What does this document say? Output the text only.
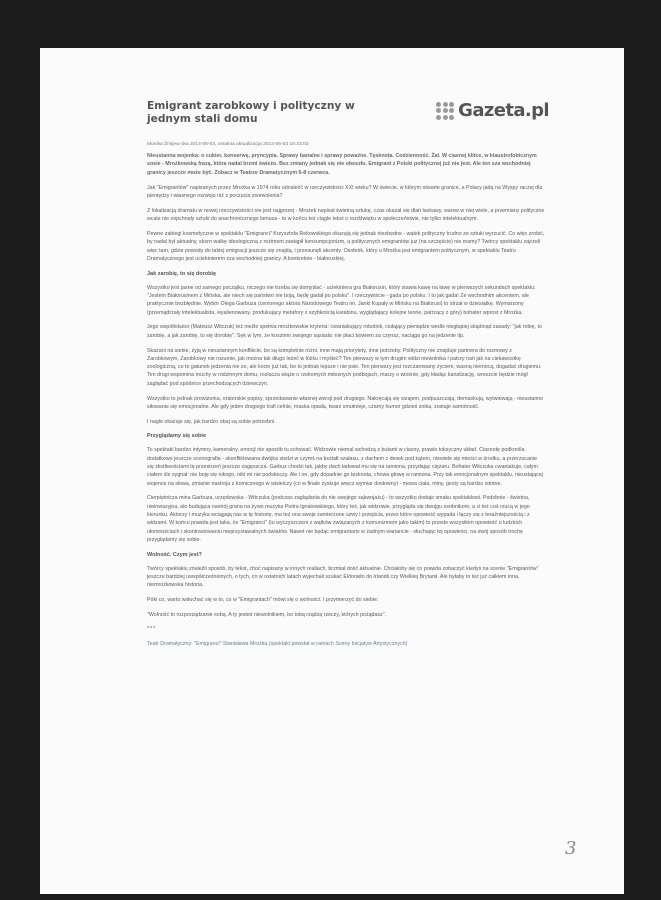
Emigrant zarobkowy i polityczny w jednym stali domu	Gazeta.pl
Monika Żmijew ska 2014-06-03, ostatnia aktualizacja 2014-06-03 16:33:03

Nieustanna wojenka: o cukier, konserwę, pryncypia. Sprawy banalne i sprawy poważne. Tęsknota. Codzienność. Żal. W ciasnej klitce, w klaustrofobicznym sosie - Mrożkowską frazą, która nadal brzmi świeżo. Bez zmiany jednak się nie obeszło. Emigrant z Polski politycznej już nie jest. Ale ten sza wschodniej granicy jeszcze może być. Zobacz w Teatrze Dramatycznym 6-8 czerwca.

Jak "Emigrantów" napisanych przez Mrożka w 1974 roku odnaleźć w rzeczywistości XXI wieku? W świecie, w którym otwarte granice, a Polacy jadą na Wyspy raczej dla pieniędzy i własnego rozwoju niż z poczucia zniewolenia?

Z lokalizacją dramatu w nowej rzeczywistości nie jest najgorzej - Mrożek napisał świetną sztukę, czas okazał się dlań łaskawy, warsw w niej wiele, a przemiany polityczne wcale nie zepchnęły sztuki do anachronicznego lamusa - to w końcu też ciągle tekst o rozdźwięku w społeczeństwie, nie tylko intelektualnym.

Pewne zabiegi kosmetyczne w spektaklu "Emigranci" Krzysztofa Rekowskiego okazują się jednak niezbędne - wątek polityczny trudno ze sztuki wyrzucić. Co więc zrobić, by nadal był aktualny, skoro walkę ideologiczną z reżimem zastąpił konsumpcjonizm, a politycznych emigrantów już (na szczęście) nie mamy? Twórcy spektaklu zajrzeli więc tam, gdzie powody do takiej emigracji jeszcze się znajdą, i przesunęli akcenty. Osobnik, który u Mrożka jest emigrantem politycznym, w spektaklu Teatru Dramatycznego jest uciekinierem zza wschodniej granicy. A konkretnie - białoruskiej.

Jak zarobię, to się dorobię

Wszystko jest jasne od samego początku, niczego nie trzeba się domyślać - uciekiniera gra Białorusin, który stawia kawę na ławę w pierwszych sekundach spektaklu: "Jestem Białorusinem z Mińska, ale niech się państwo nie boją, będę gadał po polsku". I rzeczywiście - gada po polsku. I to jak gada! Ze wschodnim akcentem, ale praktycznie bezbłędnie. Wybór Olega Garbuza (cenionego aktora Narodowego Teatru im. Janki Kupały w Mińsku na Białorusi) to strzał w dziesiątkę. Wymarzony (przemądrzały intelektualista, wyalienowany, produkujący metafory z szybkością karabinu, wyglądający kolejne teorie, patrzący z góry) bohater wprost z Mrożka.

Jego współlokator (Mateusz Witczuk) też nieźle spełnia mrożkowskie kryteria: cwaniakujący robotnik, ciułający pieniądze wedle niegłupiej skądinąd zasady: "jak robię, to zarobię, a jak zarobię, to się dorobię". Sęk w tym, że kosztem swojego sąsiada: nie płaci bowiem za czynsz, naciąga go na jedzenie itp.

Skazani na siebie, żyją w nieustannym konflikcie, bo są kompletnie różni, inne mają priorytety, inne potrzeby. Polityczny nie znajduje partnera do rozmowy z Zarobkowym, Zarobkowy nie rozumie, jak można tak długo leżeć w łóżku i myśleć? Ten pierwszy w tym drugim widzi niewolnika i patrzy nań jak na ciekawostkę zoologiczną, co to gatunek jedzenia nie ze, ale kocie już tak, bo to jednak lepsze i nie psie. Ten pierwszy jest rozczarowany życiem, wasną niemocą, dogadać drugiemu. Ten drugi wspomina muchy w rodzinnym domu, rozlacza wiąże o rzekomych miłosnych podbojach, marzy o wiośnie, gdy kładąc kanalizację, wreszcie będzie mógł zaglądać pod spódnice przechodzących dziewczyn.

Wszystko to jednak prowizorka, oratorskie popisy, sprzedawanie własnej wersji pod drugiego. Nakręcają się wzajem, podpuszczają, demaskują, wytwiewają - nieustanne siłowanie się emocjonalne. Ale gdy jeden drugiego trafi celnie, maska opada, twarz smutnieje, czarny humor gdzieś znika, zostaje samotność.

I nagle okazuje się, jak bardzo obaj są sobie potrzebni.

Przyglądamy się sobie

To spektakl bardzo intymny, kameralny, emocji nie sposób tu schować. Widzowie niemal wchodzą z butami w ciasny, prawie toksyczny układ. Ciasnotę podkreśla dodatkowo jeszcze scenografia - skonfliktowana dwójka siedzi w czymś na kształt szałasu, z dachem z desek pod kątem, niewiele się mieści w środku, a przerzucanie się złośliwościami tę przestrzeń jeszcze zagęszcza. Garbuz chodzi tak, jakby dach ładował mu się na ramiona, przydając ciężaru. Bohater Witczuka cwaniakuje, całym ciałem śle sygnał: nie boję się nikogo, nikt mi nie podskoczy. Ale i on, gdy dopadnie go tęsknota, chowa głowę w ramiona. Przy tak emocjonalnym spektaklu, nieustającej wojence na słowa, zmianie nastroju z komicznego w wisielczy (co w finale zyskuje wręcz wymiar dosłowny) - mowa ciała, miny, gesty są bardzo istotne.

Cierpiętnicza mina Garbuza, urzędowska - Witczuka (podczas zaglądania do nie swojego sąkwojażu) - to wszystko dodaje smaku spektaklowi. Podobnie - świetna, nieinwazyjna, ale budująca nastrój grana na żywo muzyka Piotra Ignatowskiego, który też, jak widzowie, przygląda się dwojgu osobnikom, a ci też coś rzucą w jego kierunku. Aktorzy i muzyka wciągają nas w tę historię, ma też ona swoje zamierzone szwy i przejścia, przez które opowieść wypada i łączy się z teraźniejszością i z widzami. W końcu prawda jest taka, że "Emigranci" (tu wyczyszczeni z wątków związanych z komunizmem jako takim) to przede wszystkim opowieść o ludzkich ułomnościach i skontrastowaniu nieprzystawalnych światów. Nawet nie będąc emigrantami w żadnym wariancie - słuchając tej opowieści, na swój sposób trochę przyglądamy się sobie.

Wolność. Czym jest?

Twórcy spektaklu znaleźli sposób, by tekst, choć napisany w innych realiach, brzmiał dość aktualnie. Chciałoby się co prawda zobaczyć kiedyś na scenie "Emigrantów" jeszcze bardziej uwspółcześnionych, o tych, co w ostatnich latach wyjechali szukać Eldorado do Irlandii czy Wielkiej Brytanii. Ale byłaby to też już całkiem inna, niemrożkowska historia.

Póki co, warto wsłuchać się w to, co w "Emigrantach" mówi się o wolności. I przymierzyć do siebie:

"Wolność to rozporządzanie sobą. A ty jesteś niewolnikiem, bo tobą rządzą rzeczy, których pożądasz".

***

Teatr Dramatyczny: "Emigranci" Stanisława Mrożka (spektakl powstał w ramach Sceny Inicjatyw Artystycznych)

3
